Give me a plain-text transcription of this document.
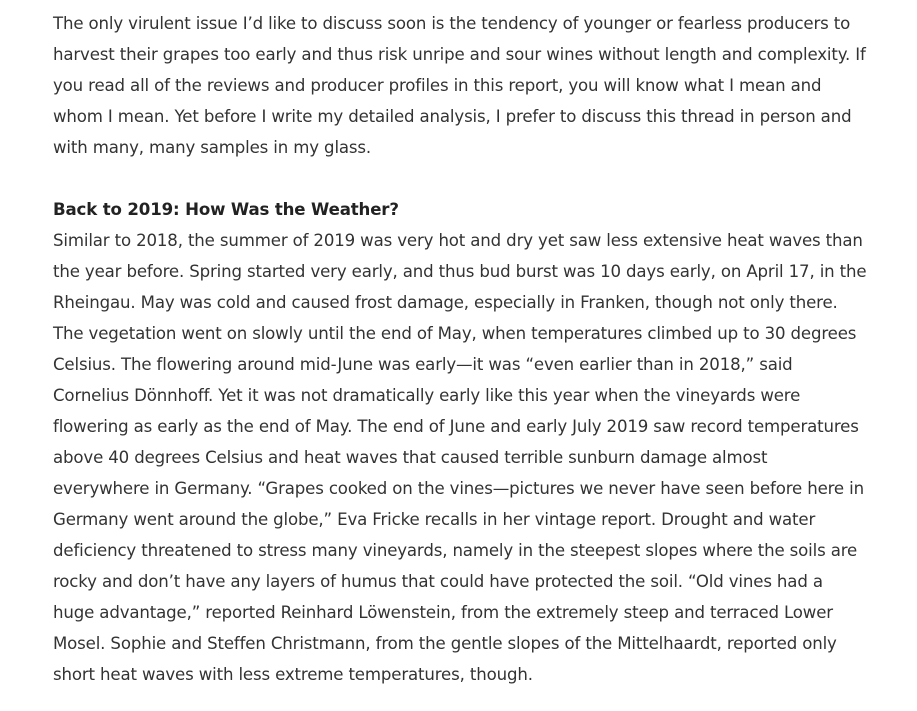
The only virulent issue I’d like to discuss soon is the tendency of younger or fearless producers to harvest their grapes too early and thus risk unripe and sour wines without length and complexity. If you read all of the reviews and producer profiles in this report, you will know what I mean and whom I mean. Yet before I write my detailed analysis, I prefer to discuss this thread in person and with many, many samples in my glass.

Back to 2019: How Was the Weather?

Similar to 2018, the summer of 2019 was very hot and dry yet saw less extensive heat waves than the year before. Spring started very early, and thus bud burst was 10 days early, on April 17, in the Rheingau. May was cold and caused frost damage, especially in Franken, though not only there. The vegetation went on slowly until the end of May, when temperatures climbed up to 30 degrees Celsius. The flowering around mid-June was early—it was “even earlier than in 2018,” said Cornelius Dönnhoff. Yet it was not dramatically early like this year when the vineyards were flowering as early as the end of May. The end of June and early July 2019 saw record temperatures above 40 degrees Celsius and heat waves that caused terrible sunburn damage almost everywhere in Germany. “Grapes cooked on the vines—pictures we never have seen before here in Germany went around the globe,” Eva Fricke recalls in her vintage report. Drought and water deficiency threatened to stress many vineyards, namely in the steepest slopes where the soils are rocky and don’t have any layers of humus that could have protected the soil. “Old vines had a huge advantage,” reported Reinhard Löwenstein, from the extremely steep and terraced Lower Mosel. Sophie and Steffen Christmann, from the gentle slopes of the Mittelhaardt, reported only short heat waves with less extreme temperatures, though.
